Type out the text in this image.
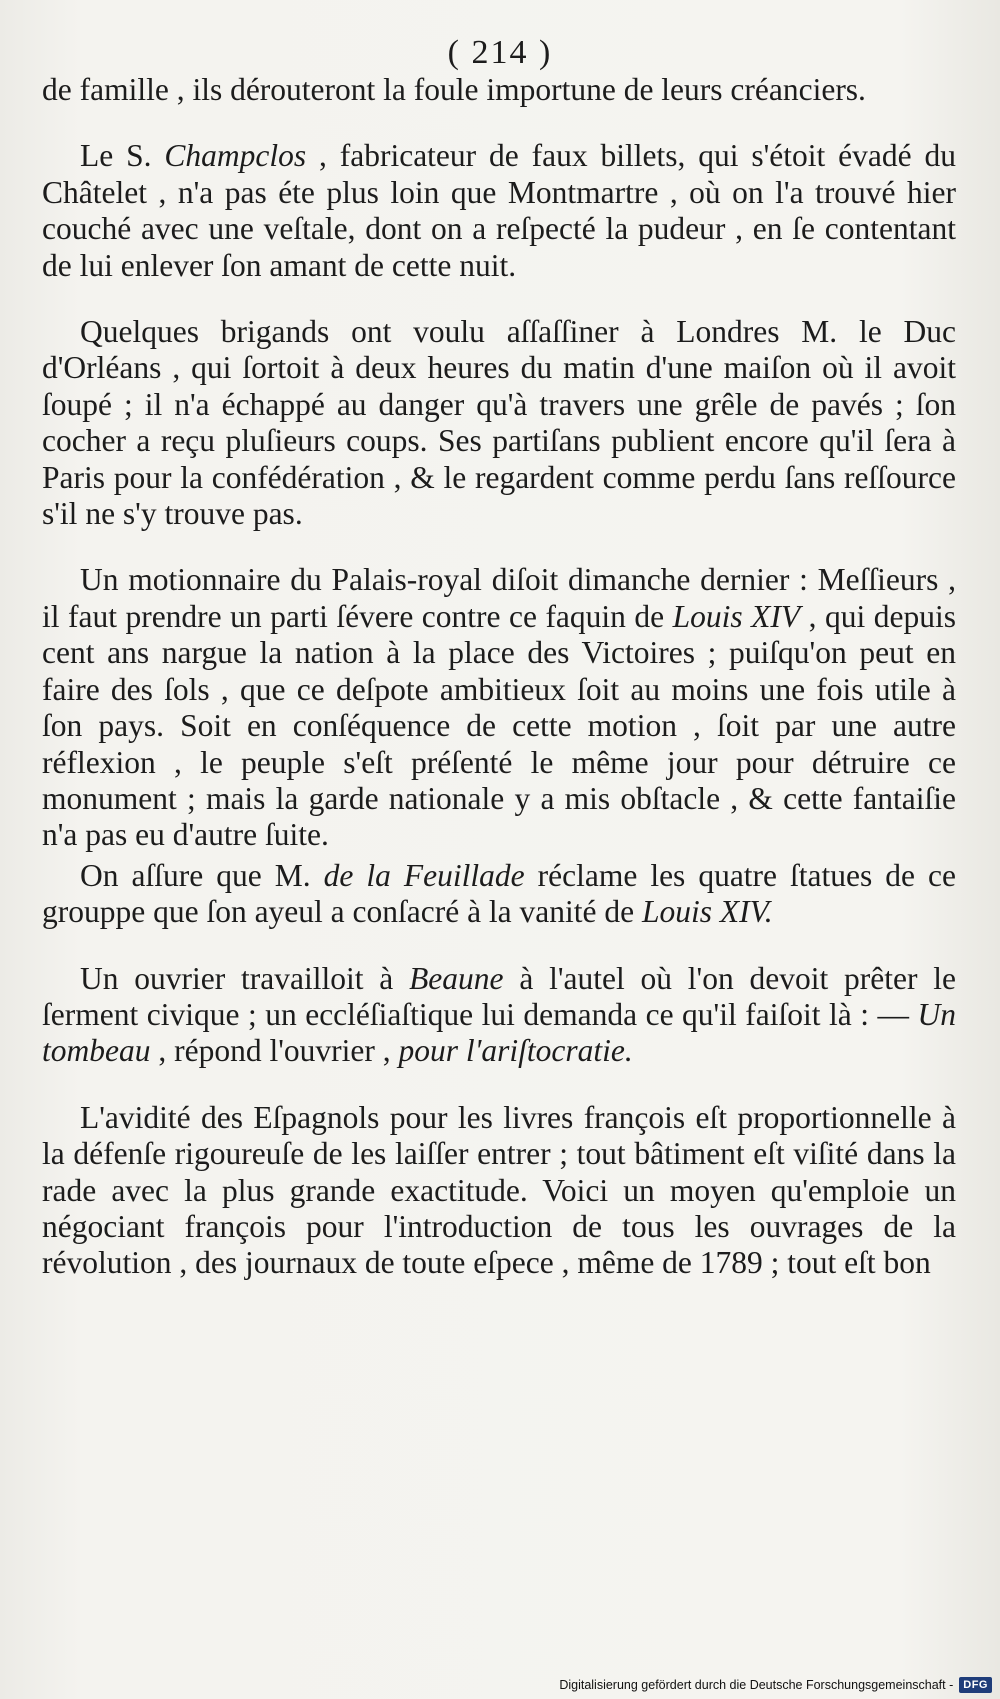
( 214 )

de famille , ils dérouteront la foule importune de leurs créanciers.

Le S. Champclos , fabricateur de faux billets, qui s'étoit évadé du Châtelet , n'a pas éte plus loin que Montmartre , où on l'a trouvé hier couché avec une veſtale, dont on a reſpecté la pudeur , en ſe contentant de lui enlever ſon amant de cette nuit.

Quelques brigands ont voulu aſſaſſiner à Londres M. le Duc d'Orléans , qui ſortoit à deux heures du matin d'une maiſon où il avoit ſoupé ; il n'a échappé au danger qu'à travers une grêle de pavés ; ſon cocher a reçu pluſieurs coups. Ses partiſans publient encore qu'il ſera à Paris pour la confédération , & le regardent comme perdu ſans reſſource s'il ne s'y trouve pas.

Un motionnaire du Palais-royal diſoit dimanche dernier : Meſſieurs , il faut prendre un parti ſévere contre ce faquin de Louis XIV , qui depuis cent ans nargue la nation à la place des Victoires ; puiſqu'on peut en faire des ſols , que ce deſpote ambitieux ſoit au moins une fois utile à ſon pays. Soit en conſéquence de cette motion , ſoit par une autre réflexion , le peuple s'eſt préſenté le même jour pour détruire ce monument ; mais la garde nationale y a mis obſtacle , & cette fantaiſie n'a pas eu d'autre ſuite.

On aſſure que M. de la Feuillade réclame les quatre ſtatues de ce grouppe que ſon ayeul a conſacré à la vanité de Louis XIV.

Un ouvrier travailloit à Beaune à l'autel où l'on devoit prêter le ſerment civique ; un eccléſiaſtique lui demanda ce qu'il faiſoit là : — Un tombeau , répond l'ouvrier , pour l'ariſtocratie.

L'avidité des Eſpagnols pour les livres françois eſt proportionnelle à la défenſe rigoureuſe de les laiſſer entrer ; tout bâtiment eſt viſité dans la rade avec la plus grande exactitude. Voici un moyen qu'emploie un négociant françois pour l'introduction de tous les ouvrages de la révolution , des journaux de toute eſpece , même de 1789 ; tout eſt bon

Digitalisierung gefördert durch die Deutsche Forschungsgemeinschaft - DFG
